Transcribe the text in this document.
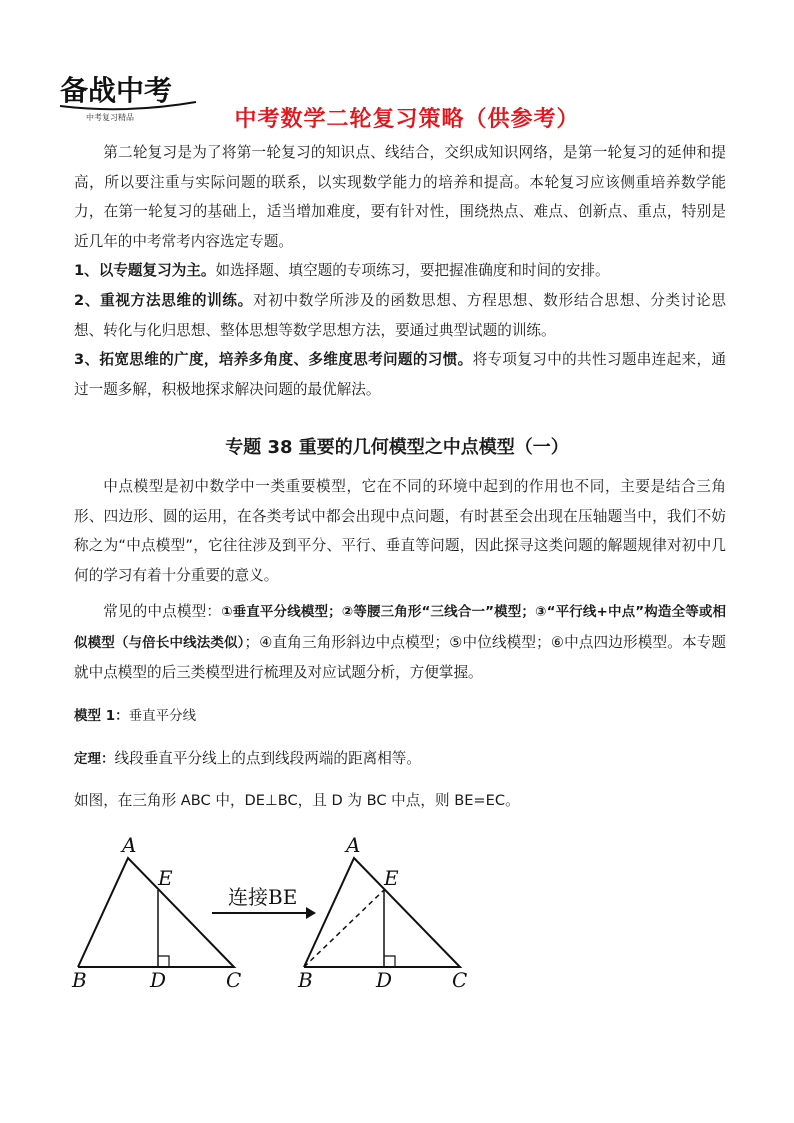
备战中考
中考复习精品	中考数学二轮复习策略（供参考）

第二轮复习是为了将第一轮复习的知识点、线结合，交织成知识网络，是第一轮复习的延伸和提高，所以要注重与实际问题的联系，以实现数学能力的培养和提高。本轮复习应该侧重培养数学能力，在第一轮复习的基础上，适当增加难度，要有针对性，围绕热点、难点、创新点、重点，特别是近几年的中考常考内容选定专题。

1、以专题复习为主。如选择题、填空题的专项练习，要把握准确度和时间的安排。

2、重视方法思维的训练。对初中数学所涉及的函数思想、方程思想、数形结合思想、分类讨论思想、转化与化归思想、整体思想等数学思想方法，要通过典型试题的训练。

3、拓宽思维的广度，培养多角度、多维度思考问题的习惯。将专项复习中的共性习题串连起来，通过一题多解，积极地探求解决问题的最优解法。

专题 38 重要的几何模型之中点模型（一）

中点模型是初中数学中一类重要模型，它在不同的环境中起到的作用也不同，主要是结合三角形、四边形、圆的运用，在各类考试中都会出现中点问题，有时甚至会出现在压轴题当中，我们不妨称之为“中点模型”，它往往涉及到平分、平行、垂直等问题，因此探寻这类问题的解题规律对初中几何的学习有着十分重要的意义。

常见的中点模型：①垂直平分线模型；②等腰三角形“三线合一”模型；③“平行线+中点”构造全等或相似模型（与倍长中线法类似）；④直角三角形斜边中点模型；⑤中位线模型；⑥中点四边形模型。本专题就中点模型的后三类模型进行梳理及对应试题分析，方便掌握。

模型 1：垂直平分线

定理：线段垂直平分线上的点到线段两端的距离相等。

如图，在三角形 ABC 中，DE⊥BC，且 D 为 BC 中点，则 BE=EC。

A
E
B	D	C
连接BE
A
E
B	D	C
